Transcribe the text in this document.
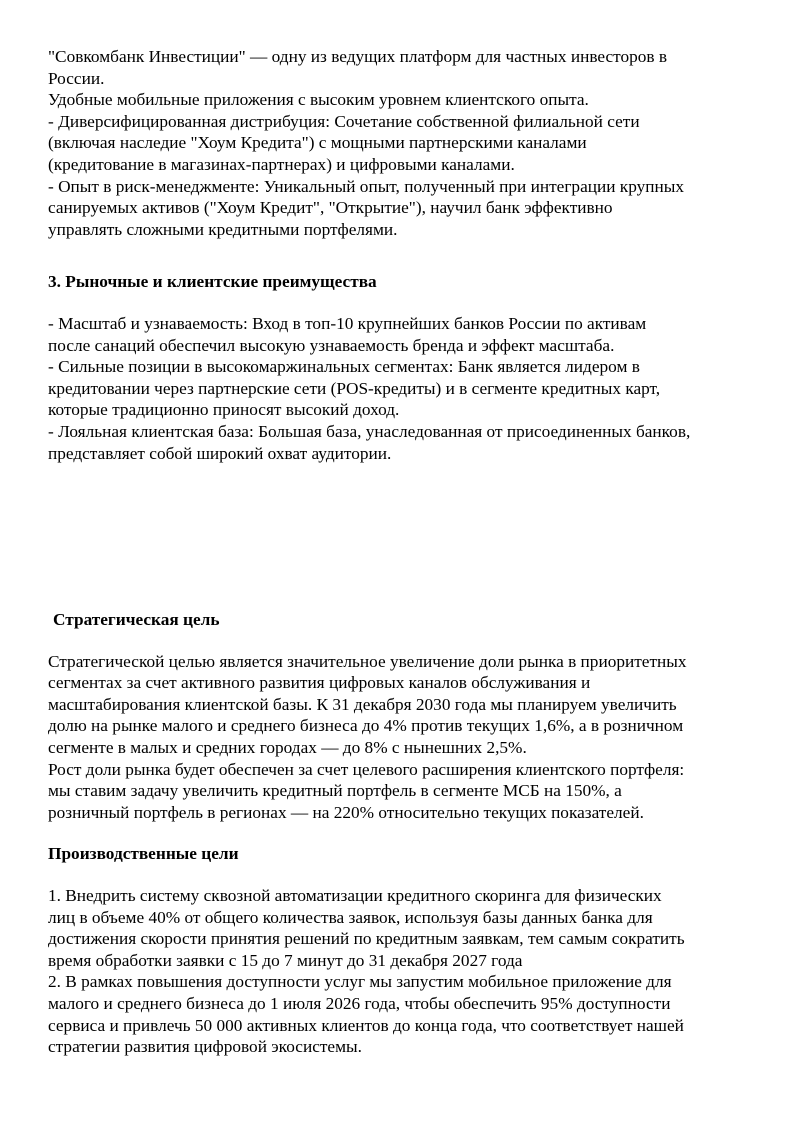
"Совкомбанк Инвестиции" — одну из ведущих платформ для частных инвесторов в
России.
Удобные мобильные приложения с высоким уровнем клиентского опыта.
- Диверсифицированная дистрибуция: Сочетание собственной филиальной сети
(включая наследие "Хоум Кредита") с мощными партнерскими каналами
(кредитование в магазинах-партнерах) и цифровыми каналами.
- Опыт в риск-менеджменте: Уникальный опыт, полученный при интеграции крупных
санируемых активов ("Хоум Кредит", "Открытие"), научил банк эффективно
управлять сложными кредитными портфелями.
3. Рыночные и клиентские преимущества
- Масштаб и узнаваемость: Вход в топ-10 крупнейших банков России по активам
после санаций обеспечил высокую узнаваемость бренда и эффект масштаба.
- Сильные позиции в высокомаржинальных сегментах: Банк является лидером в
кредитовании через партнерские сети (POS-кредиты) и в сегменте кредитных карт,
которые традиционно приносят высокий доход.
- Лояльная клиентская база: Большая база, унаследованная от присоединенных банков,
представляет собой широкий охват аудитории.
Стратегическая цель
Стратегической целью является значительное увеличение доли рынка в приоритетных
сегментах за счет активного развития цифровых каналов обслуживания и
масштабирования клиентской базы. К 31 декабря 2030 года мы планируем увеличить
долю на рынке малого и среднего бизнеса до 4% против текущих 1,6%, а в розничном
сегменте в малых и средних городах — до 8% с нынешних 2,5%.
Рост доли рынка будет обеспечен за счет целевого расширения клиентского портфеля:
мы ставим задачу увеличить кредитный портфель в сегменте МСБ на 150%, а
розничный портфель в регионах — на 220% относительно текущих показателей.
Производственные цели
1. Внедрить систему сквозной автоматизации кредитного скоринга для физических
лиц в объеме 40% от общего количества заявок, используя базы данных банка для
достижения скорости принятия решений по кредитным заявкам, тем самым сократить
время обработки заявки с 15 до 7 минут до 31 декабря 2027 года
2. В рамках повышения доступности услуг мы запустим мобильное приложение для
малого и среднего бизнеса до 1 июля 2026 года, чтобы обеспечить 95% доступности
сервиса и привлечь 50 000 активных клиентов до конца года, что соответствует нашей
стратегии развития цифровой экосистемы.
